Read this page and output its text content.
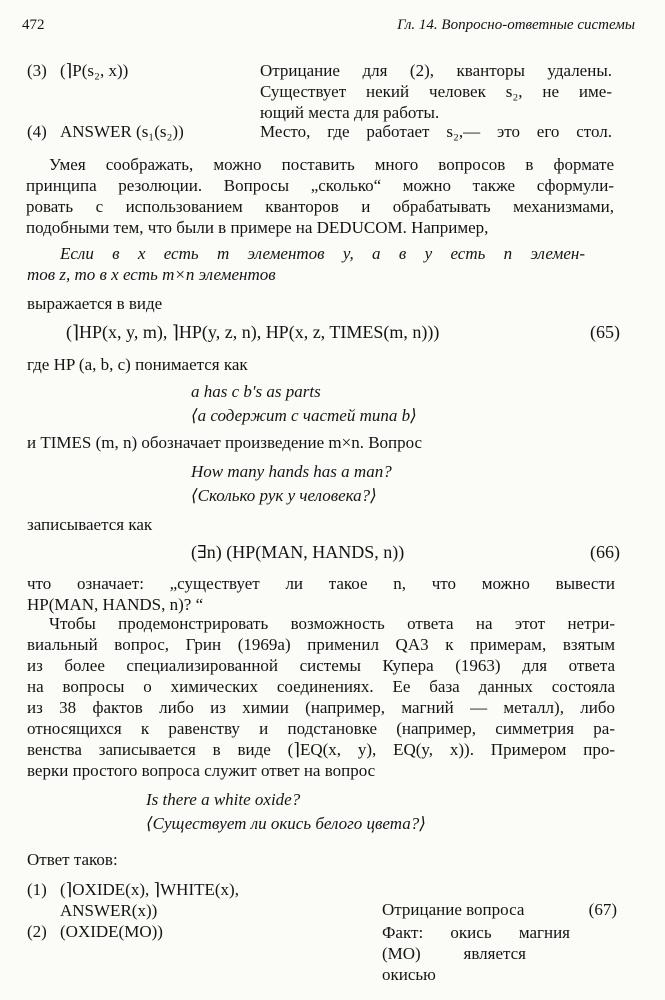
472	Гл. 14. Вопросно-ответные системы
(3) (⌉P(s₂, x))	Отрицание для (2), кванторы удалены.
Существует некий человек s₂, не име-
ющий места для работы.
(4) ANSWER (s₁(s₂))	Место, где работает s₂,— это его стол.
Умея соображать, можно поставить много вопросов в формате
принципа резолюции. Вопросы „сколько“ можно также сформули-
ровать с использованием кванторов и обрабатывать механизмами,
подобными тем, что были в примере на DEDUCOM. Например,
Если в x есть m элементов y, а в y есть n элемен-
тов z, то в x есть m×n элементов
выражается в виде
(⌉HP(x, y, m), ⌉HP(y, z, n), HP(x, z, TIMES(m, n)))	(65)
где HP (a, b, c) понимается как
a has c b's as parts
⟨a содержит c частей типа b⟩
и TIMES (m, n) обозначает произведение m×n. Вопрос
How many hands has a man?
⟨Сколько рук у человека?⟩
записывается как
(∃n) (HP(MAN, HANDS, n))	(66)
что означает: „существует ли такое n, что можно вывести
HP(MAN, HANDS, n)? “
Чтобы продемонстрировать возможность ответа на этот нетри-
виальный вопрос, Грин (1969a) применил QA3 к примерам, взятым
из более специализированной системы Купера (1963) для ответа
на вопросы о химических соединениях. Ее база данных состояла
из 38 фактов либо из химии (например, магний — металл), либо
относящихся к равенству и подстановке (например, симметрия ра-
венства записывается в виде (⌉EQ(x, y), EQ(y, x)). Примером про-
верки простого вопроса служит ответ на вопрос
Is there a white oxide?
⟨Существует ли окись белого цвета?⟩
Ответ таков:
(1) (⌉OXIDE(x), ⌉WHITE(x),
ANSWER(x))	Отрицание вопроса	(67)
(2) (OXIDE(MO))	Факт: окись магния
(MO) является
окисью
